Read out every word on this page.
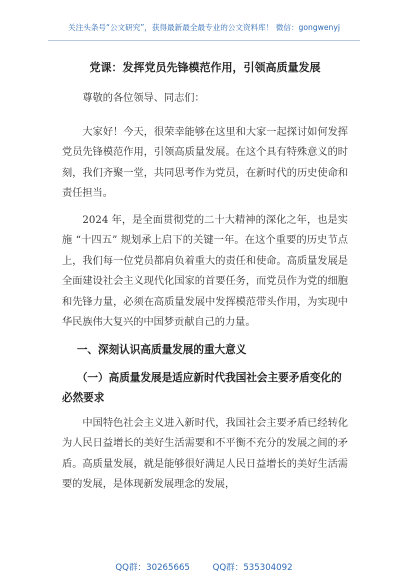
关注头条号“公文研究”，获得最新最全最专业的公文资料库！ 微信：gongwenyj
党课：发挥党员先锋模范作用，引领高质量发展

尊敬的各位领导、同志们：

大家好！今天，很荣幸能够在这里和大家一起探讨如何发挥党员先锋模范作用，引领高质量发展。在这个具有特殊意义的时刻，我们齐聚一堂，共同思考作为党员，在新时代的历史使命和责任担当。

2024 年，是全面贯彻党的二十大精神的深化之年，也是实施 “十四五” 规划承上启下的关键一年。在这个重要的历史节点上，我们每一位党员都肩负着重大的责任和使命。高质量发展是全面建设社会主义现代化国家的首要任务，而党员作为党的细胞和先锋力量，必须在高质量发展中发挥模范带头作用，为实现中华民族伟大复兴的中国梦贡献自己的力量。

一、深刻认识高质量发展的重大意义
（一）高质量发展是适应新时代我国社会主要矛盾变化的必然要求

中国特色社会主义进入新时代，我国社会主要矛盾已经转化为人民日益增长的美好生活需要和不平衡不充分的发展之间的矛盾。高质量发展，就是能够很好满足人民日益增长的美好生活需要的发展，是体现新发展理念的发展，

QQ群：30265665	QQ群：535304092
